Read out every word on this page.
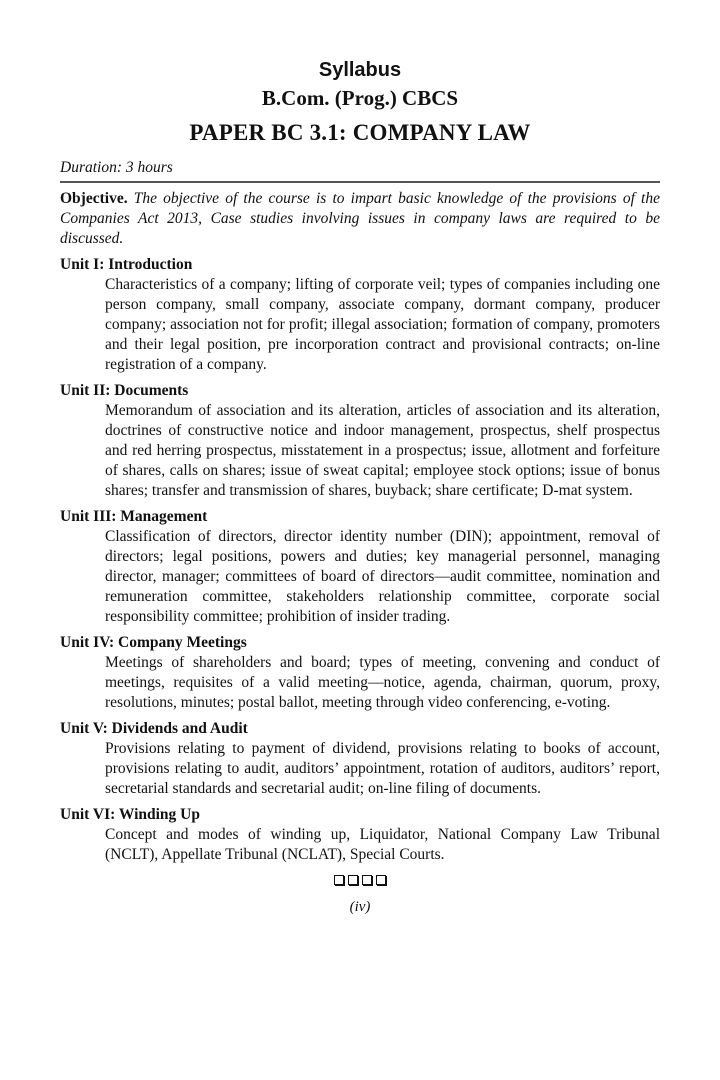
Syllabus
B.Com. (Prog.) CBCS
PAPER BC 3.1: COMPANY LAW
Duration: 3 hours
Objective. The objective of the course is to impart basic knowledge of the provisions of the Companies Act 2013, Case studies involving issues in company laws are required to be discussed.
Unit I: Introduction
Characteristics of a company; lifting of corporate veil; types of companies including one person company, small company, associate company, dormant company, producer company; association not for profit; illegal association; formation of company, promoters and their legal position, pre incorporation contract and provisional contracts; on-line registration of a company.
Unit II: Documents
Memorandum of association and its alteration, articles of association and its alteration, doctrines of constructive notice and indoor management, prospectus, shelf prospectus and red herring prospectus, misstatement in a prospectus; issue, allotment and forfeiture of shares, calls on shares; issue of sweat capital; employee stock options; issue of bonus shares; transfer and transmission of shares, buyback; share certificate; D-mat system.
Unit III: Management
Classification of directors, director identity number (DIN); appointment, removal of directors; legal positions, powers and duties; key managerial personnel, managing director, manager; committees of board of directors—audit committee, nomination and remuneration committee, stakeholders relationship committee, corporate social responsibility committee; prohibition of insider trading.
Unit IV: Company Meetings
Meetings of shareholders and board; types of meeting, convening and conduct of meetings, requisites of a valid meeting—notice, agenda, chairman, quorum, proxy, resolutions, minutes; postal ballot, meeting through video conferencing, e-voting.
Unit V: Dividends and Audit
Provisions relating to payment of dividend, provisions relating to books of account, provisions relating to audit, auditors’ appointment, rotation of auditors, auditors’ report, secretarial standards and secretarial audit; on-line filing of documents.
Unit VI: Winding Up
Concept and modes of winding up, Liquidator, National Company Law Tribunal (NCLT), Appellate Tribunal (NCLAT), Special Courts.
(iv)
